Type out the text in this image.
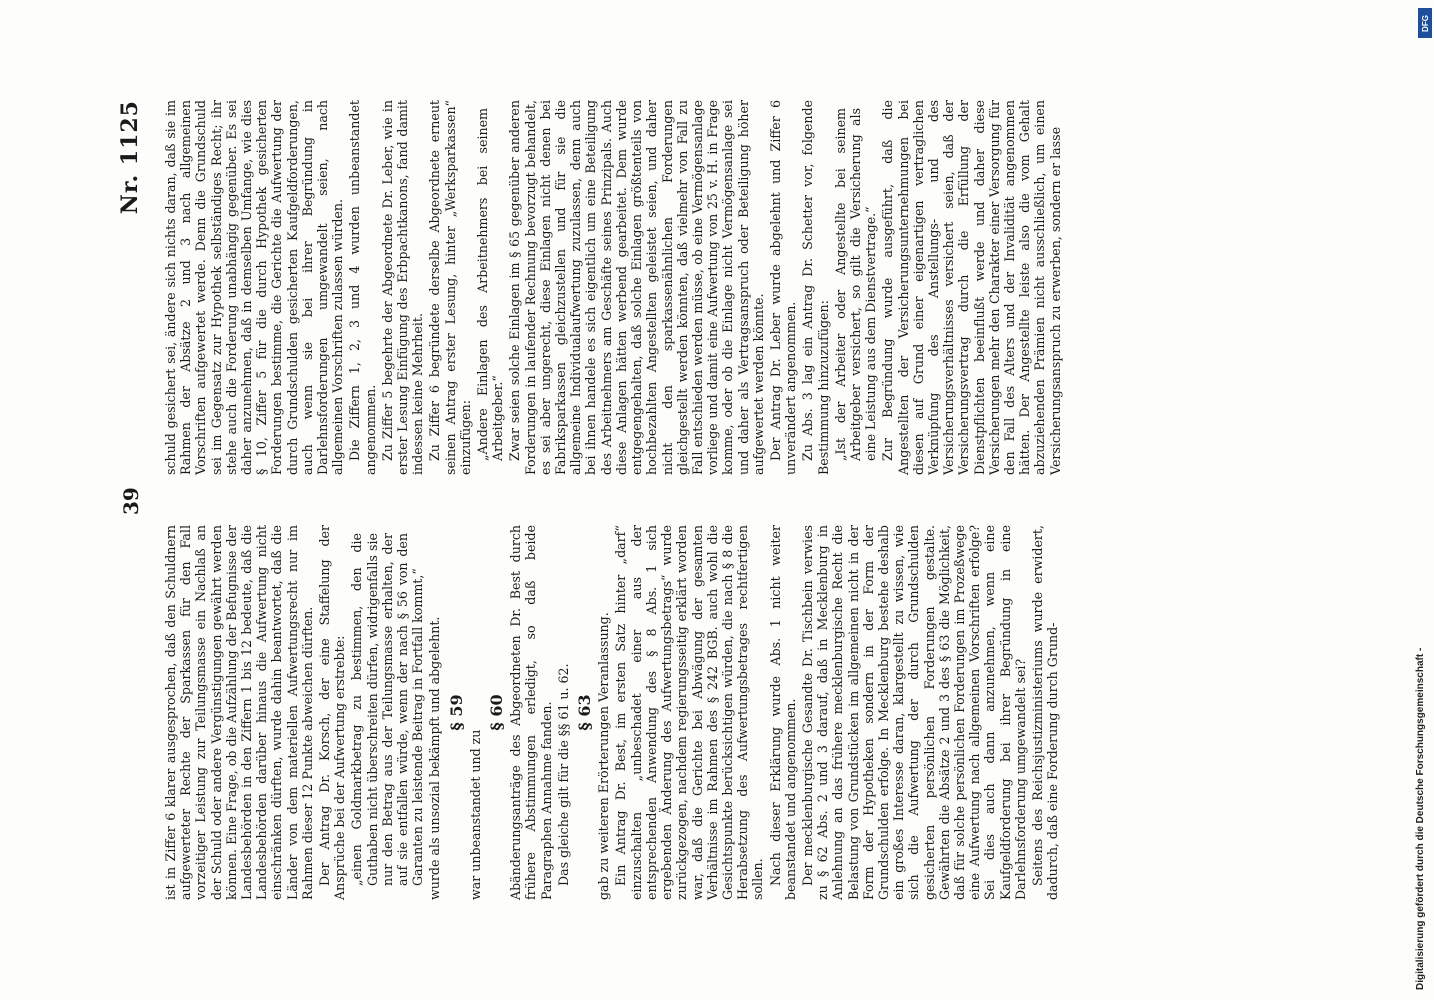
39
Nr. 1125

ist in Ziffer 6 klarer ausgesprochen, daß den Schuldnern aufgewerteter Rechte der Sparkassen für den Fall vorzeitiger Leistung zur Teilungsmasse ein Nachlaß an der Schuld oder andere Vergünstigungen gewährt werden können. Eine Frage, ob die Aufzählung der Befugnisse der Landesbehörden in den Ziffern 1 bis 12 bedeute, daß die Landesbehörden darüber hinaus die Aufwertung nicht einschränken dürften, wurde dahin beantwortet, daß die Länder von dem materiellen Aufwertungsrecht nur im Rahmen dieser 12 Punkte abweichen dürften. Der Antrag Dr. Korsch, der eine Staffelung der Ansprüche bei der Aufwertung erstrebte: „einen Goldmarkbetrag zu bestimmen, den die Guthaben nicht überschreiten dürfen, widrigenfalls sie nur den Betrag aus der Teilungsmasse erhalten, der auf sie entfallen würde, wenn der nach § 56 von den Garanten zu leistende Beitrag in Fortfall kommt,“ wurde als unsozial bekämpft und abgelehnt. § 59

war unbeanstandet und zu

§ 60 Abänderungsanträge des Abgeordneten Dr. Best durch frühere Abstimmungen erledigt, so daß beide Paragraphen Annahme fanden. Das gleiche gilt für die §§ 61 u. 62. § 63 gab zu weiteren Erörterungen Veranlassung. Ein Antrag Dr. Best, im ersten Satz hinter „darf“ einzuschalten „unbeschadet einer aus der entsprechenden Anwendung des § 8 Abs. 1 sich ergebenden Änderung des Aufwertungsbetrags“ wurde zurückgezogen, nachdem regierungsseitig erklärt worden war, daß die Gerichte bei Abwägung der gesamten Verhältnisse im Rahmen des § 242 BGB. auch wohl die Gesichtspunkte berücksichtigen würden, die nach § 8 die Herabsetzung des Aufwertungsbetrages rechtfertigen sollen. Nach dieser Erklärung wurde Abs. 1 nicht weiter beanstandet und angenommen. Der mecklenburgische Gesandte Dr. Tischbein verwies zu § 62 Abs. 2 und 3 darauf, daß in Mecklenburg in Anlehnung an das frühere mecklenburgische Recht die Belastung von Grundstücken im allgemeinen nicht in der Form der Hypotheken sondern in der Form der Grundschulden erfolge. In Mecklenburg bestehe deshalb ein großes Interesse daran, klargestellt zu wissen, wie sich die Aufwertung der durch Grundschulden gesicherten persönlichen Forderungen gestalte. Gewährten die Absätze 2 und 3 des § 63 die Möglichkeit, daß für solche persönlichen Forderungen im Prozeßwege eine Aufwertung nach allgemeinen Vorschriften erfolge? Sei dies auch dann anzunehmen, wenn eine Kaufgeldforderung bei ihrer Begründung in eine Darlehnsforderung umgewandelt sei? Seitens des Reichsjustizministeriums wurde erwidert, dadurch, daß eine Forderung durch Grund-

schuld gesichert sei, ändere sich nichts daran, daß sie im Rahmen der Absätze 2 und 3 nach allgemeinen Vorschriften aufgewertet werde. Denn die Grundschuld sei im Gegensatz zur Hypothek selbständiges Recht; ihr stehe auch die Forderung unabhängig gegenüber. Es sei daher anzunehmen, daß in demselben Umfange, wie dies § 10, Ziffer 5 für die durch Hypothek gesicherten Forderungen bestimme, die Gerichte die Aufwertung der durch Grundschulden gesicherten Kaufgeldforderungen, auch wenn sie bei ihrer Begründung in Darlehnsforderungen umgewandelt seien, nach allgemeinen Vorschriften zulassen würden. Die Ziffern 1, 2, 3 und 4 wurden unbeanstandet angenommen. Zu Ziffer 5 begehrte der Abgeordnete Dr. Leber, wie in erster Lesung Einfügung des Erbpachtkanons, fand damit indessen keine Mehrheit. Zu Ziffer 6 begründete derselbe Abgeordnete erneut seinen Antrag erster Lesung, hinter „Werksparkassen“ einzufügen: „Andere Einlagen des Arbeitnehmers bei seinem Arbeitgeber.“ Zwar seien solche Einlagen im § 65 gegenüber anderen Forderungen in laufender Rechnung bevorzugt behandelt, es sei aber ungerecht, diese Einlagen nicht denen bei Fabriksparkassen gleichzustellen und für sie die allgemeine Individualaufwertung zuzulassen, denn auch bei ihnen handele es sich eigentlich um eine Beteiligung des Arbeitnehmers am Geschäfte seines Prinzipals. Auch diese Anlagen hätten werbend gearbeitet. Dem wurde entgegengehalten, daß solche Einlagen größtenteils von hochbezahlten Angestellten geleistet seien, und daher nicht den sparkassenähnlichen Forderungen gleichgestellt werden könnten, daß vielmehr von Fall zu Fall entschieden werden müsse, ob eine Vermögensanlage vorliege und damit eine Aufwertung von 25 v. H. in Frage komme, oder ob die Einlage nicht Vermögensanlage sei und daher als Vertragsanspruch oder Beteiligung höher aufgewertet werden könnte. Der Antrag Dr. Leber wurde abgelehnt und Ziffer 6 unverändert angenommen. Zu Abs. 3 lag ein Antrag Dr. Schetter vor, folgende Bestimmung hinzuzufügen: „Ist der Arbeiter oder Angestellte bei seinem Arbeitgeber versichert, so gilt die Versicherung als eine Leistung aus dem Dienstvertrage.“ Zur Begründung wurde ausgeführt, daß die Angestellten der Versicherungsunternehmungen bei diesen auf Grund einer eigenartigen vertraglichen Verknüpfung des Anstellungs- und des Versicherungsverhältnisses versichert seien, daß der Versicherungsvertrag durch die Erfüllung der Dienstpflichten beeinflußt werde und daher diese Versicherungen mehr den Charakter einer Versorgung für den Fall des Alters und der Invalidität angenommen hätten. Der Angestellte leiste also die vom Gehalt abzuziehenden Prämien nicht ausschließlich, um einen Versicherungsanspruch zu erwerben, sondern er lasse

Digitalisierung gefördert durch die Deutsche Forschungsgemeinschaft -
DFG
